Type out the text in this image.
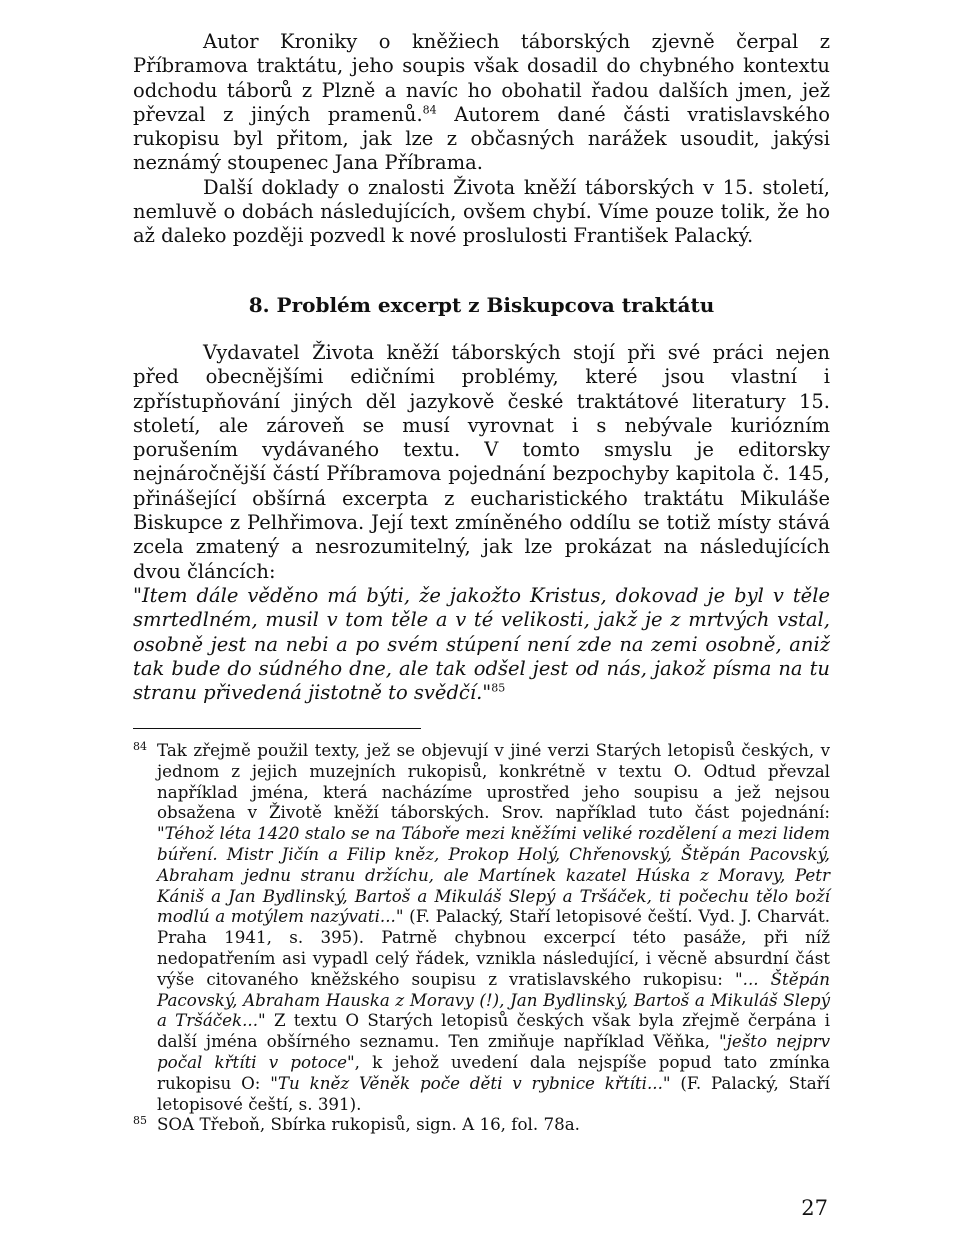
Autor Kroniky o kněžiech táborských zjevně čerpal z Příbramova traktátu, jeho soupis však dosadil do chybného kontextu odchodu táborů z Plzně a navíc ho obohatil řadou dalších jmen, jež převzal z jiných pramenů.$^{84}$ Autorem dané části vratislavského rukopisu byl přitom, jak lze z občasných narážek usoudit, jakýsi neznámý stoupenec Jana Příbrama.

Další doklady o znalosti Života kněží táborských v 15. století, nemluvě o dobách následujících, ovšem chybí. Víme pouze tolik, že ho až daleko později pozvedl k nové proslulosti František Palacký.

8. Problém excerpt z Biskupcova traktátu

Vydavatel Života kněží táborských stojí při své práci nejen před obecnějšími edičními problémy, které jsou vlastní i zpřístupňování jiných děl jazykově české traktátové literatury 15. století, ale zároveň se musí vyrovnat i s nebývale kuriózním porušením vydávaného textu. V tomto smyslu je editorsky nejnáročnější částí Příbramova pojednání bezpochyby kapitola č. 145, přinášející obšírná excerpta z eucharistického traktátu Mikuláše Biskupce z Pelhřimova. Její text zmíněného oddílu se totiž místy stává zcela zmatený a nesrozumitelný, jak lze prokázat na následujících dvou článcích:

"Item dále věděno má býti, že jakožto Kristus, dokovad je byl v těle smrtedlném, musil v tom těle a v té velikosti, jakž je z mrtvých vstal, osobně jest na nebi a po svém stúpení není zde na zemi osobně, aniž tak bude do súdného dne, ale tak odšel jest od nás, jakož písma na tu stranu přivedená jistotně to svědčí."$^{85}$

84 Tak zřejmě použil texty, jež se objevují v jiné verzi Starých letopisů českých, v jednom z jejich muzejních rukopisů, konkrétně v textu O. Odtud převzal například jména, která nacházíme uprostřed jeho soupisu a jež nejsou obsažena v Životě kněží táborských. Srov. například tuto část pojednání: "Téhož léta 1420 stalo se na Táboře mezi kněžími veliké rozdělení a mezi lidem búření. Mistr Jičín a Filip kněz, Prokop Holý, Chřenovský, Štěpán Pacovský, Abraham jednu stranu držíchu, ale Martínek kazatel Húska z Moravy, Petr Kániš a Jan Bydlinský, Bartoš a Mikuláš Slepý a Tršáček, ti počechu tělo boží modlú a motýlem nazývati..." (F. Palacký, Staří letopisové čeští. Vyd. J. Charvát. Praha 1941, s. 395). Patrně chybnou excerpcí této pasáže, při níž nedopatřením asi vypadl celý řádek, vznikla následující, i věcně absurdní část výše citovaného kněžského soupisu z vratislavského rukopisu: "... Štěpán Pacovský, Abraham Hauska z Moravy (!), Jan Bydlinský, Bartoš a Mikuláš Slepý a Tršáček..." Z textu O Starých letopisů českých však byla zřejmě čerpána i další jména obšírného seznamu. Ten zmiňuje například Věňka, "ješto nejprv počal křtíti v potoce", k jehož uvedení dala nejspíše popud tato zmínka rukopisu O: "Tu kněz Věněk poče děti v rybnice křtíti..." (F. Palacký, Staří letopisové čeští, s. 391).

85 SOA Třeboň, Sbírka rukopisů, sign. A 16, fol. 78a.

27
